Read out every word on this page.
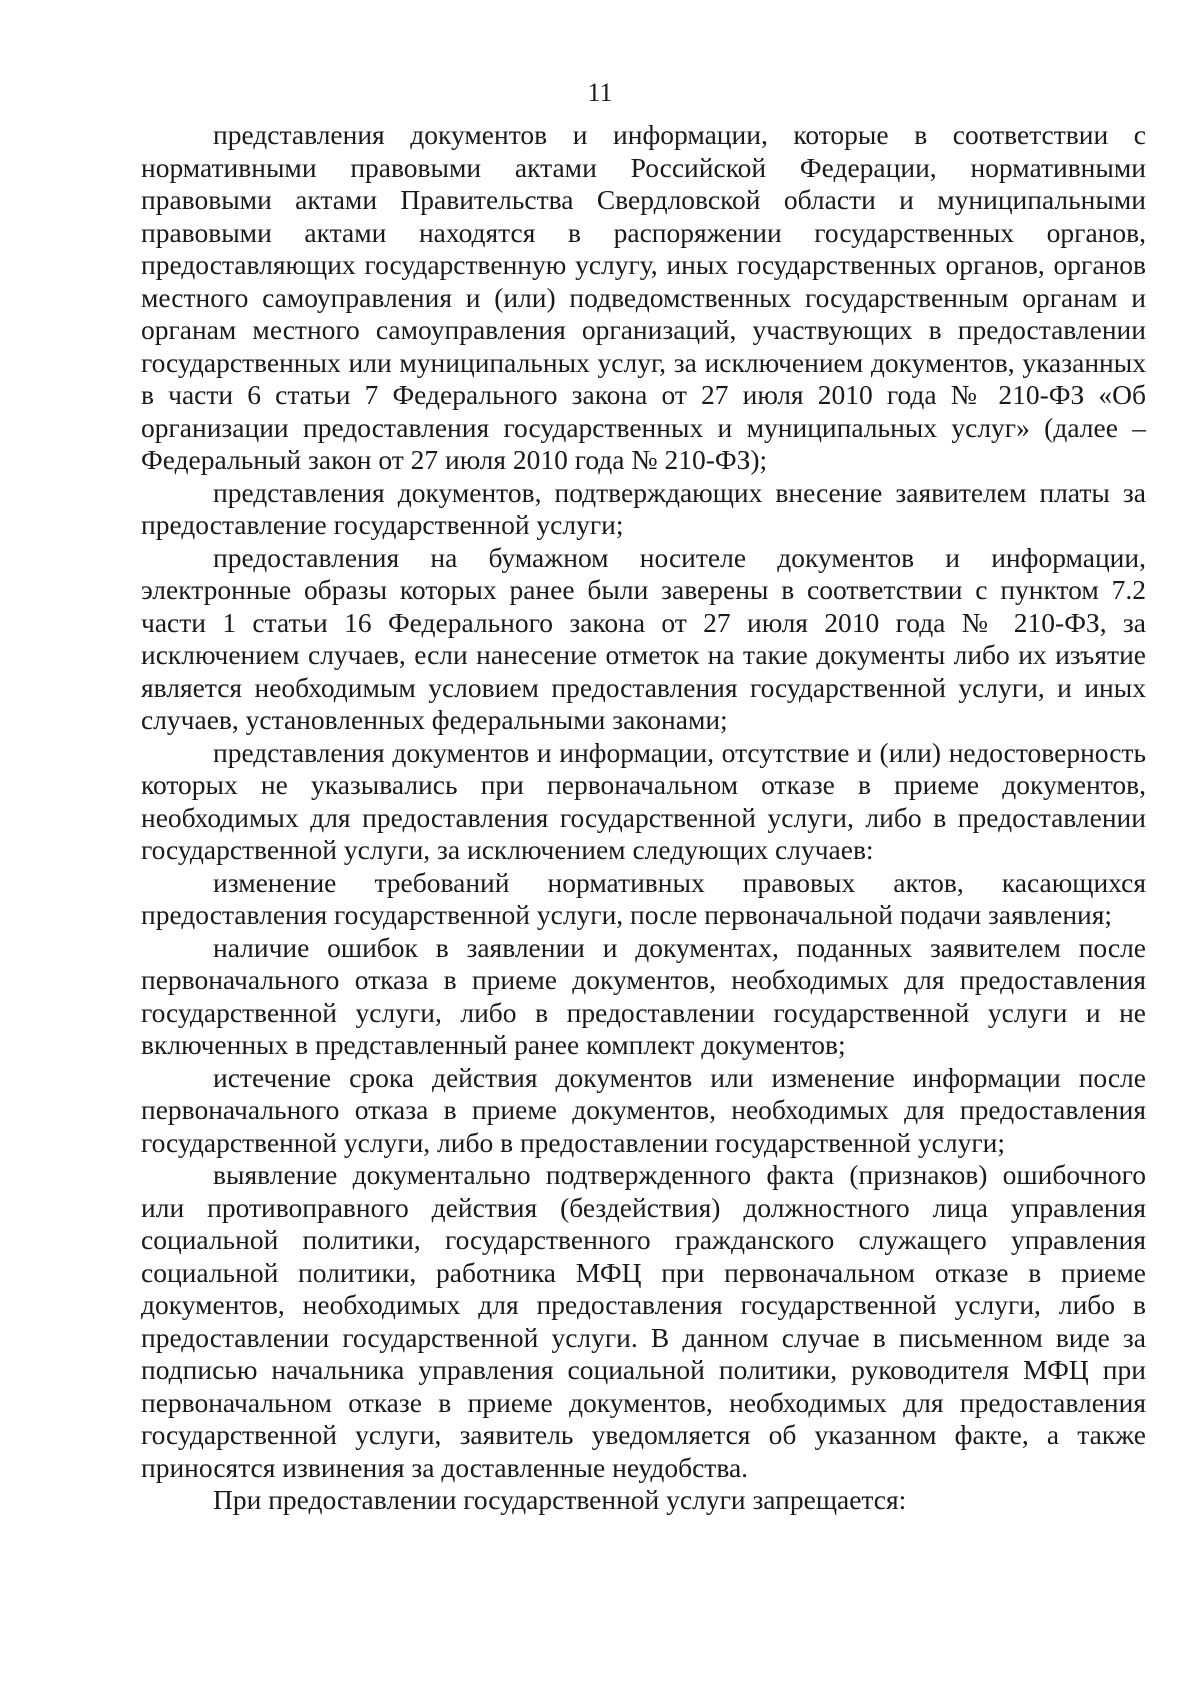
11

представления документов и информации, которые в соответствии с нормативными правовыми актами Российской Федерации, нормативными правовыми актами Правительства Свердловской области и муниципальными правовыми актами находятся в распоряжении государственных органов, предоставляющих государственную услугу, иных государственных органов, органов местного самоуправления и (или) подведомственных государственным органам и органам местного самоуправления организаций, участвующих в предоставлении государственных или муниципальных услуг, за исключением документов, указанных в части 6 статьи 7 Федерального закона от 27 июля 2010 года № 210-ФЗ «Об организации предоставления государственных и муниципальных услуг» (далее – Федеральный закон от 27 июля 2010 года № 210-ФЗ);

представления документов, подтверждающих внесение заявителем платы за предоставление государственной услуги;

предоставления на бумажном носителе документов и информации, электронные образы которых ранее были заверены в соответствии с пунктом 7.2 части 1 статьи 16 Федерального закона от 27 июля 2010 года № 210-ФЗ, за исключением случаев, если нанесение отметок на такие документы либо их изъятие является необходимым условием предоставления государственной услуги, и иных случаев, установленных федеральными законами;

представления документов и информации, отсутствие и (или) недостоверность которых не указывались при первоначальном отказе в приеме документов, необходимых для предоставления государственной услуги, либо в предоставлении государственной услуги, за исключением следующих случаев:

изменение требований нормативных правовых актов, касающихся предоставления государственной услуги, после первоначальной подачи заявления;

наличие ошибок в заявлении и документах, поданных заявителем после первоначального отказа в приеме документов, необходимых для предоставления государственной услуги, либо в предоставлении государственной услуги и не включенных в представленный ранее комплект документов;

истечение срока действия документов или изменение информации после первоначального отказа в приеме документов, необходимых для предоставления государственной услуги, либо в предоставлении государственной услуги;

выявление документально подтвержденного факта (признаков) ошибочного или противоправного действия (бездействия) должностного лица управления социальной политики, государственного гражданского служащего управления социальной политики, работника МФЦ при первоначальном отказе в приеме документов, необходимых для предоставления государственной услуги, либо в предоставлении государственной услуги. В данном случае в письменном виде за подписью начальника управления социальной политики, руководителя МФЦ при первоначальном отказе в приеме документов, необходимых для предоставления государственной услуги, заявитель уведомляется об указанном факте, а также приносятся извинения за доставленные неудобства.

При предоставлении государственной услуги запрещается:
